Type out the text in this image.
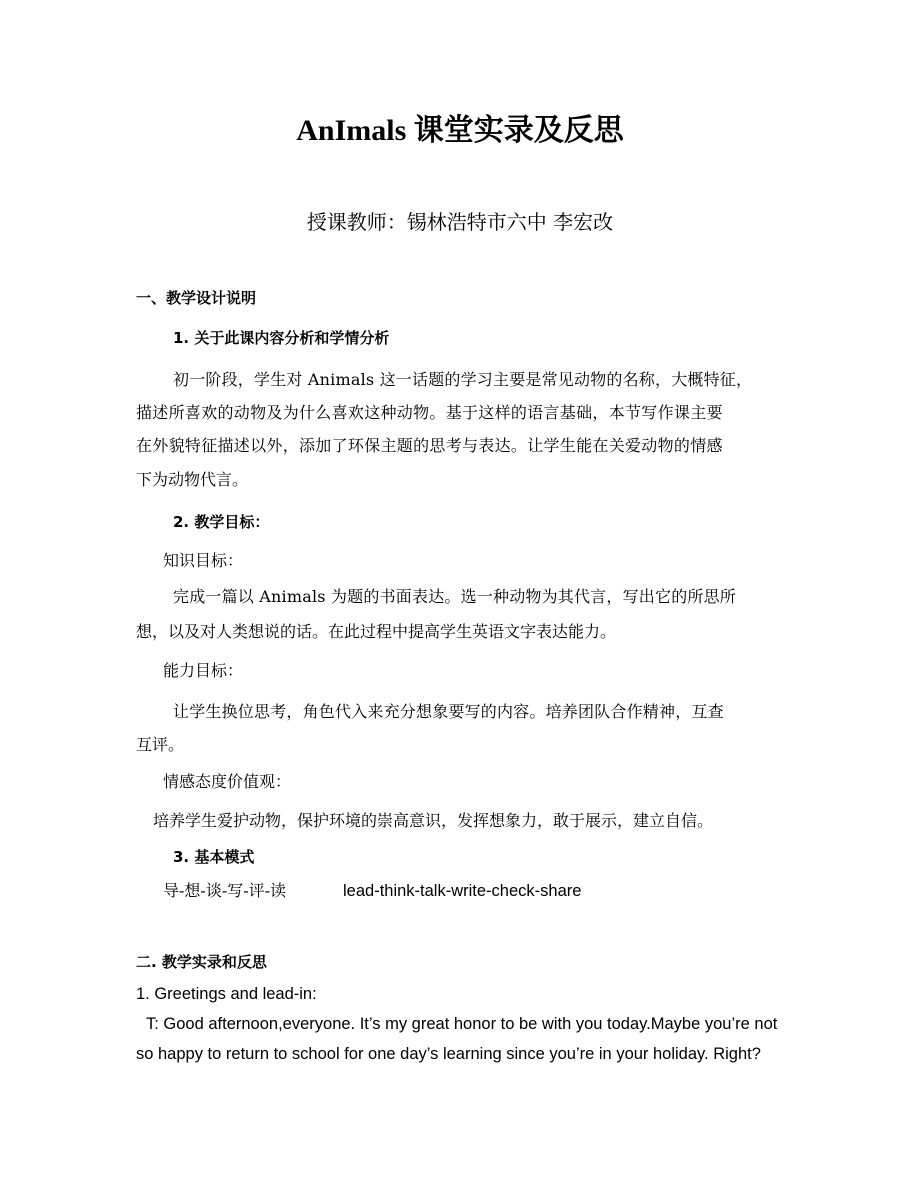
AnImals 课堂实录及反思
授课教师：锡林浩特市六中 李宏改
一、教学设计说明
1. 关于此课内容分析和学情分析
初一阶段，学生对 Animals 这一话题的学习主要是常见动物的名称，大概特征，
描述所喜欢的动物及为什么喜欢这种动物。基于这样的语言基础，本节写作课主要
在外貌特征描述以外，添加了环保主题的思考与表达。让学生能在关爱动物的情感
下为动物代言。
2. 教学目标：
知识目标：
完成一篇以 Animals 为题的书面表达。选一种动物为其代言，写出它的所思所
想，以及对人类想说的话。在此过程中提高学生英语文字表达能力。
能力目标：
让学生换位思考，角色代入来充分想象要写的内容。培养团队合作精神，互查
互评。
情感态度价值观：
培养学生爱护动物，保护环境的崇高意识，发挥想象力，敢于展示，建立自信。
3. 基本模式
导-想-谈-写-评-读	lead-think-talk-write-check-share
二. 教学实录和反思
1. Greetings and lead-in:
T: Good afternoon,everyone. It’s my great honor to be with you today.Maybe you’re not
so happy to return to school for one day’s learning since you’re in your holiday. Right?
